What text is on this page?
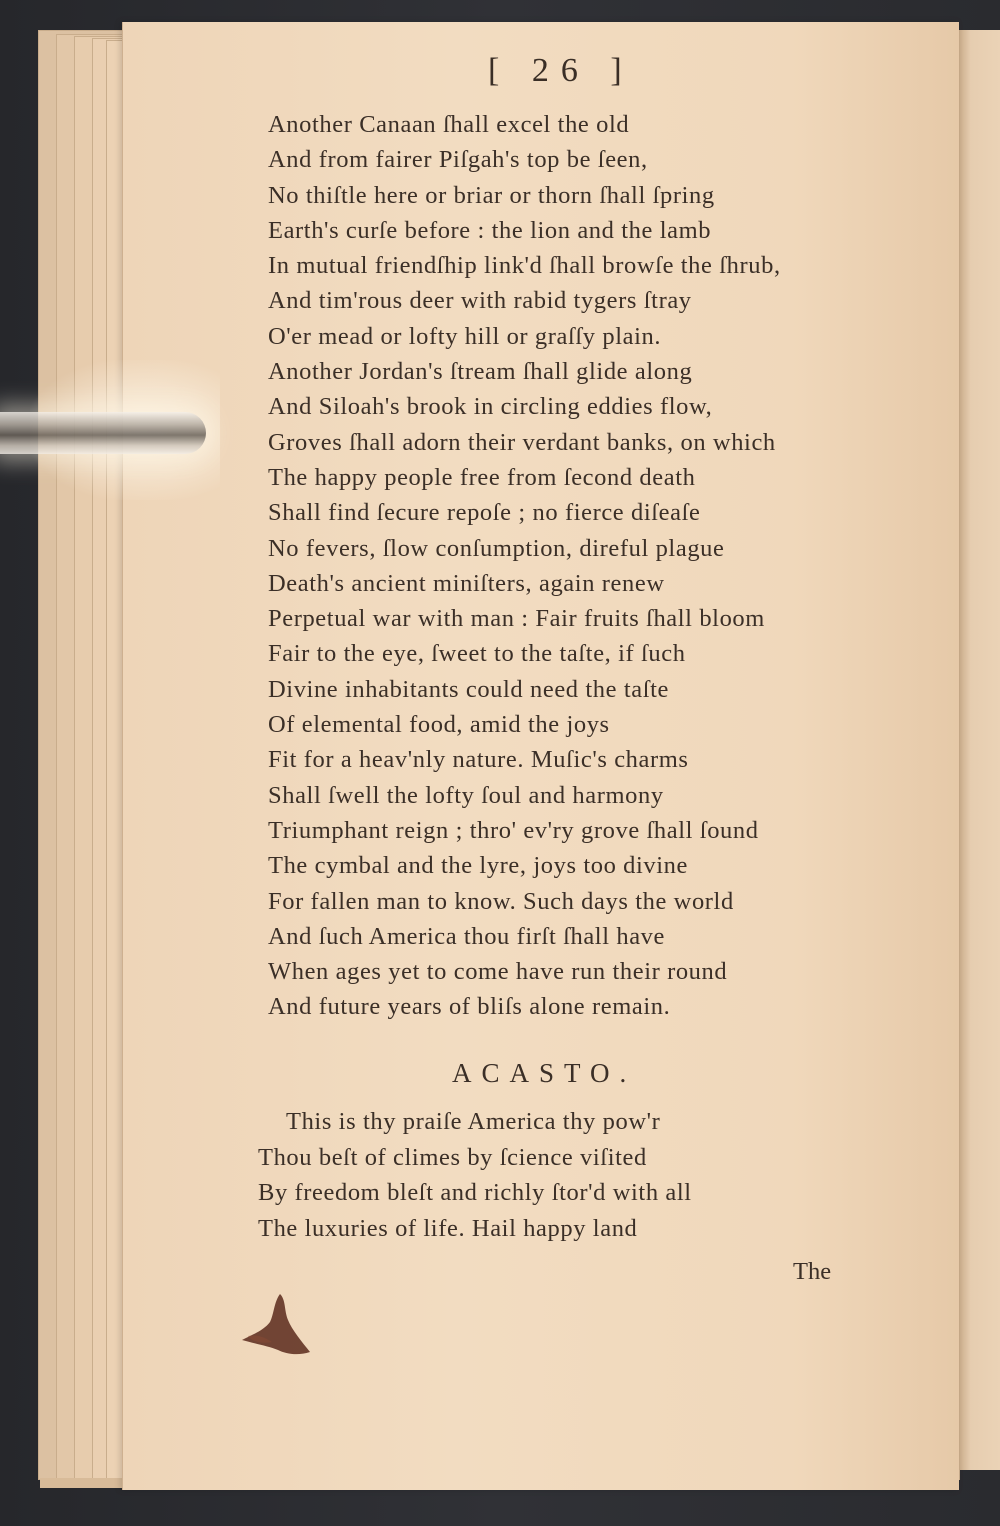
[ 26 ]

Another Canaan ſhall excel the old
And from fairer Piſgah's top be ſeen,
No thiſtle here or briar or thorn ſhall ſpring
Earth's curſe before : the lion and the lamb
In mutual friendſhip link'd ſhall browſe the ſhrub,
And tim'rous deer with rabid tygers ſtray
O'er mead or lofty hill or graſſy plain.
Another Jordan's ſtream ſhall glide along
And Siloah's brook in circling eddies flow,
Groves ſhall adorn their verdant banks, on which
The happy people free from ſecond death
Shall find ſecure repoſe ; no fierce diſeaſe
No fevers, ſlow conſumption, direful plague
Death's ancient miniſters, again renew
Perpetual war with man : Fair fruits ſhall bloom
Fair to the eye, ſweet to the taſte, if ſuch
Divine inhabitants could need the taſte
Of elemental food, amid the joys
Fit for a heav'nly nature. Muſic's charms
Shall ſwell the lofty ſoul and harmony
Triumphant reign ; thro' ev'ry grove ſhall ſound
The cymbal and the lyre, joys too divine
For fallen man to know. Such days the world
And ſuch America thou firſt ſhall have
When ages yet to come have run their round
And future years of bliſs alone remain.
ACASTO.
This is thy praiſe America thy pow'r
Thou beſt of climes by ſcience viſited
By freedom bleſt and richly ſtor'd with all
The luxuries of life. Hail happy land

The
